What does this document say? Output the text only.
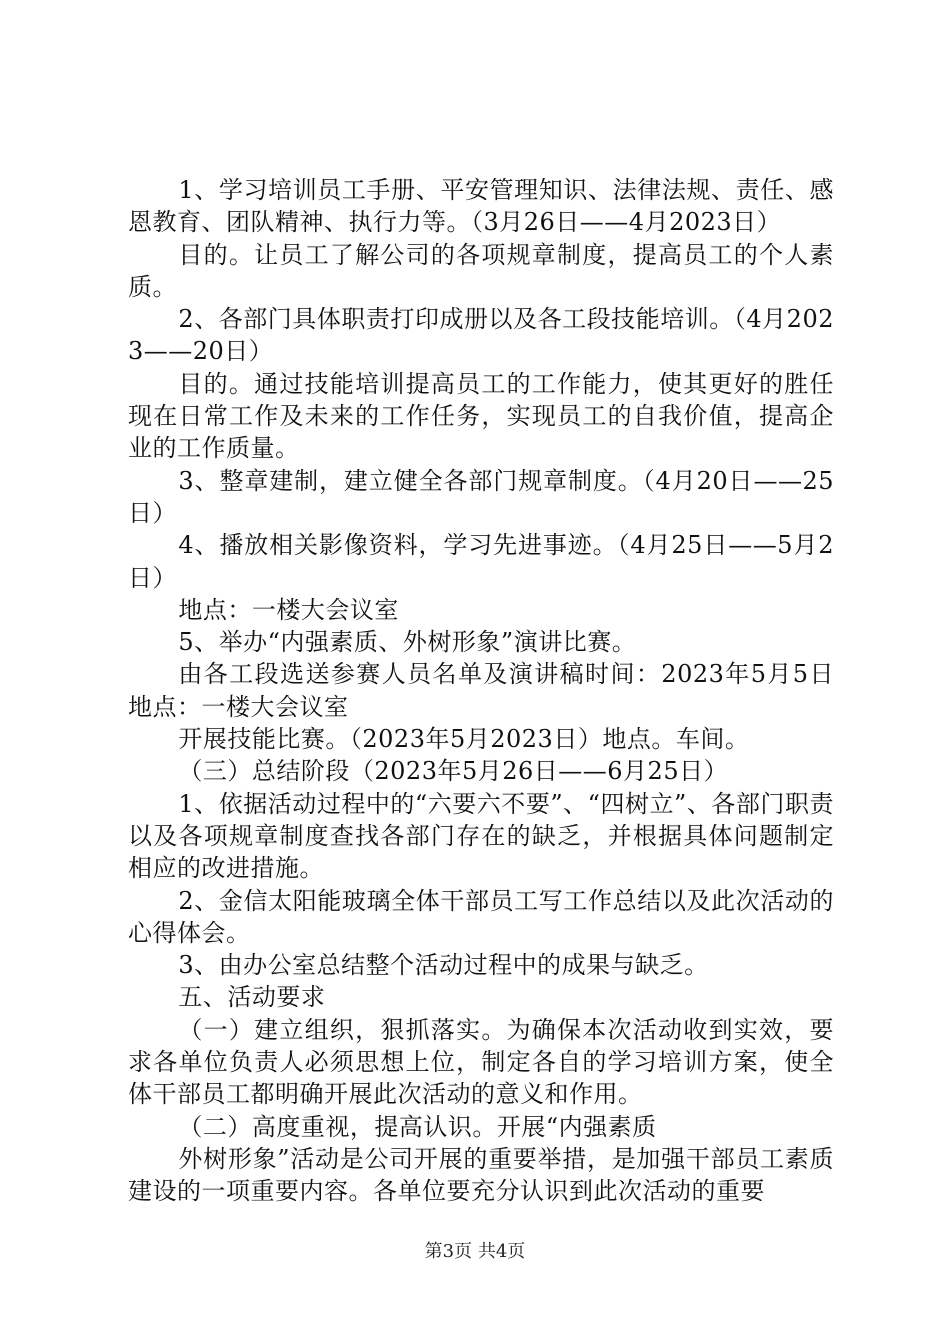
1、学习培训员工手册、平安管理知识、法律法规、责任、感恩教育、团队精神、执行力等。（3月26日——4月2023日）

目的。让员工了解公司的各项规章制度，提高员工的个人素质。

2、各部门具体职责打印成册以及各工段技能培训。（4月2023——20日）

目的。通过技能培训提高员工的工作能力，使其更好的胜任现在日常工作及未来的工作任务，实现员工的自我价值，提高企业的工作质量。

3、整章建制，建立健全各部门规章制度。（4月20日——25日）

4、播放相关影像资料，学习先进事迹。（4月25日——5月2日）

地点：一楼大会议室

5、举办“内强素质、外树形象”演讲比赛。

由各工段选送参赛人员名单及演讲稿时间：2023年5月5日地点：一楼大会议室

开展技能比赛。（2023年5月2023日）地点。车间。

（三）总结阶段（2023年5月26日——6月25日）

1、依据活动过程中的“六要六不要”、“四树立”、各部门职责以及各项规章制度查找各部门存在的缺乏，并根据具体问题制定相应的改进措施。

2、金信太阳能玻璃全体干部员工写工作总结以及此次活动的心得体会。

3、由办公室总结整个活动过程中的成果与缺乏。

五、活动要求

（一）建立组织，狠抓落实。为确保本次活动收到实效，要求各单位负责人必须思想上位，制定各自的学习培训方案，使全体干部员工都明确开展此次活动的意义和作用。

（二）高度重视，提高认识。开展“内强素质

外树形象”活动是公司开展的重要举措，是加强干部员工素质建设的一项重要内容。各单位要充分认识到此次活动的重要

第3页 共4页
